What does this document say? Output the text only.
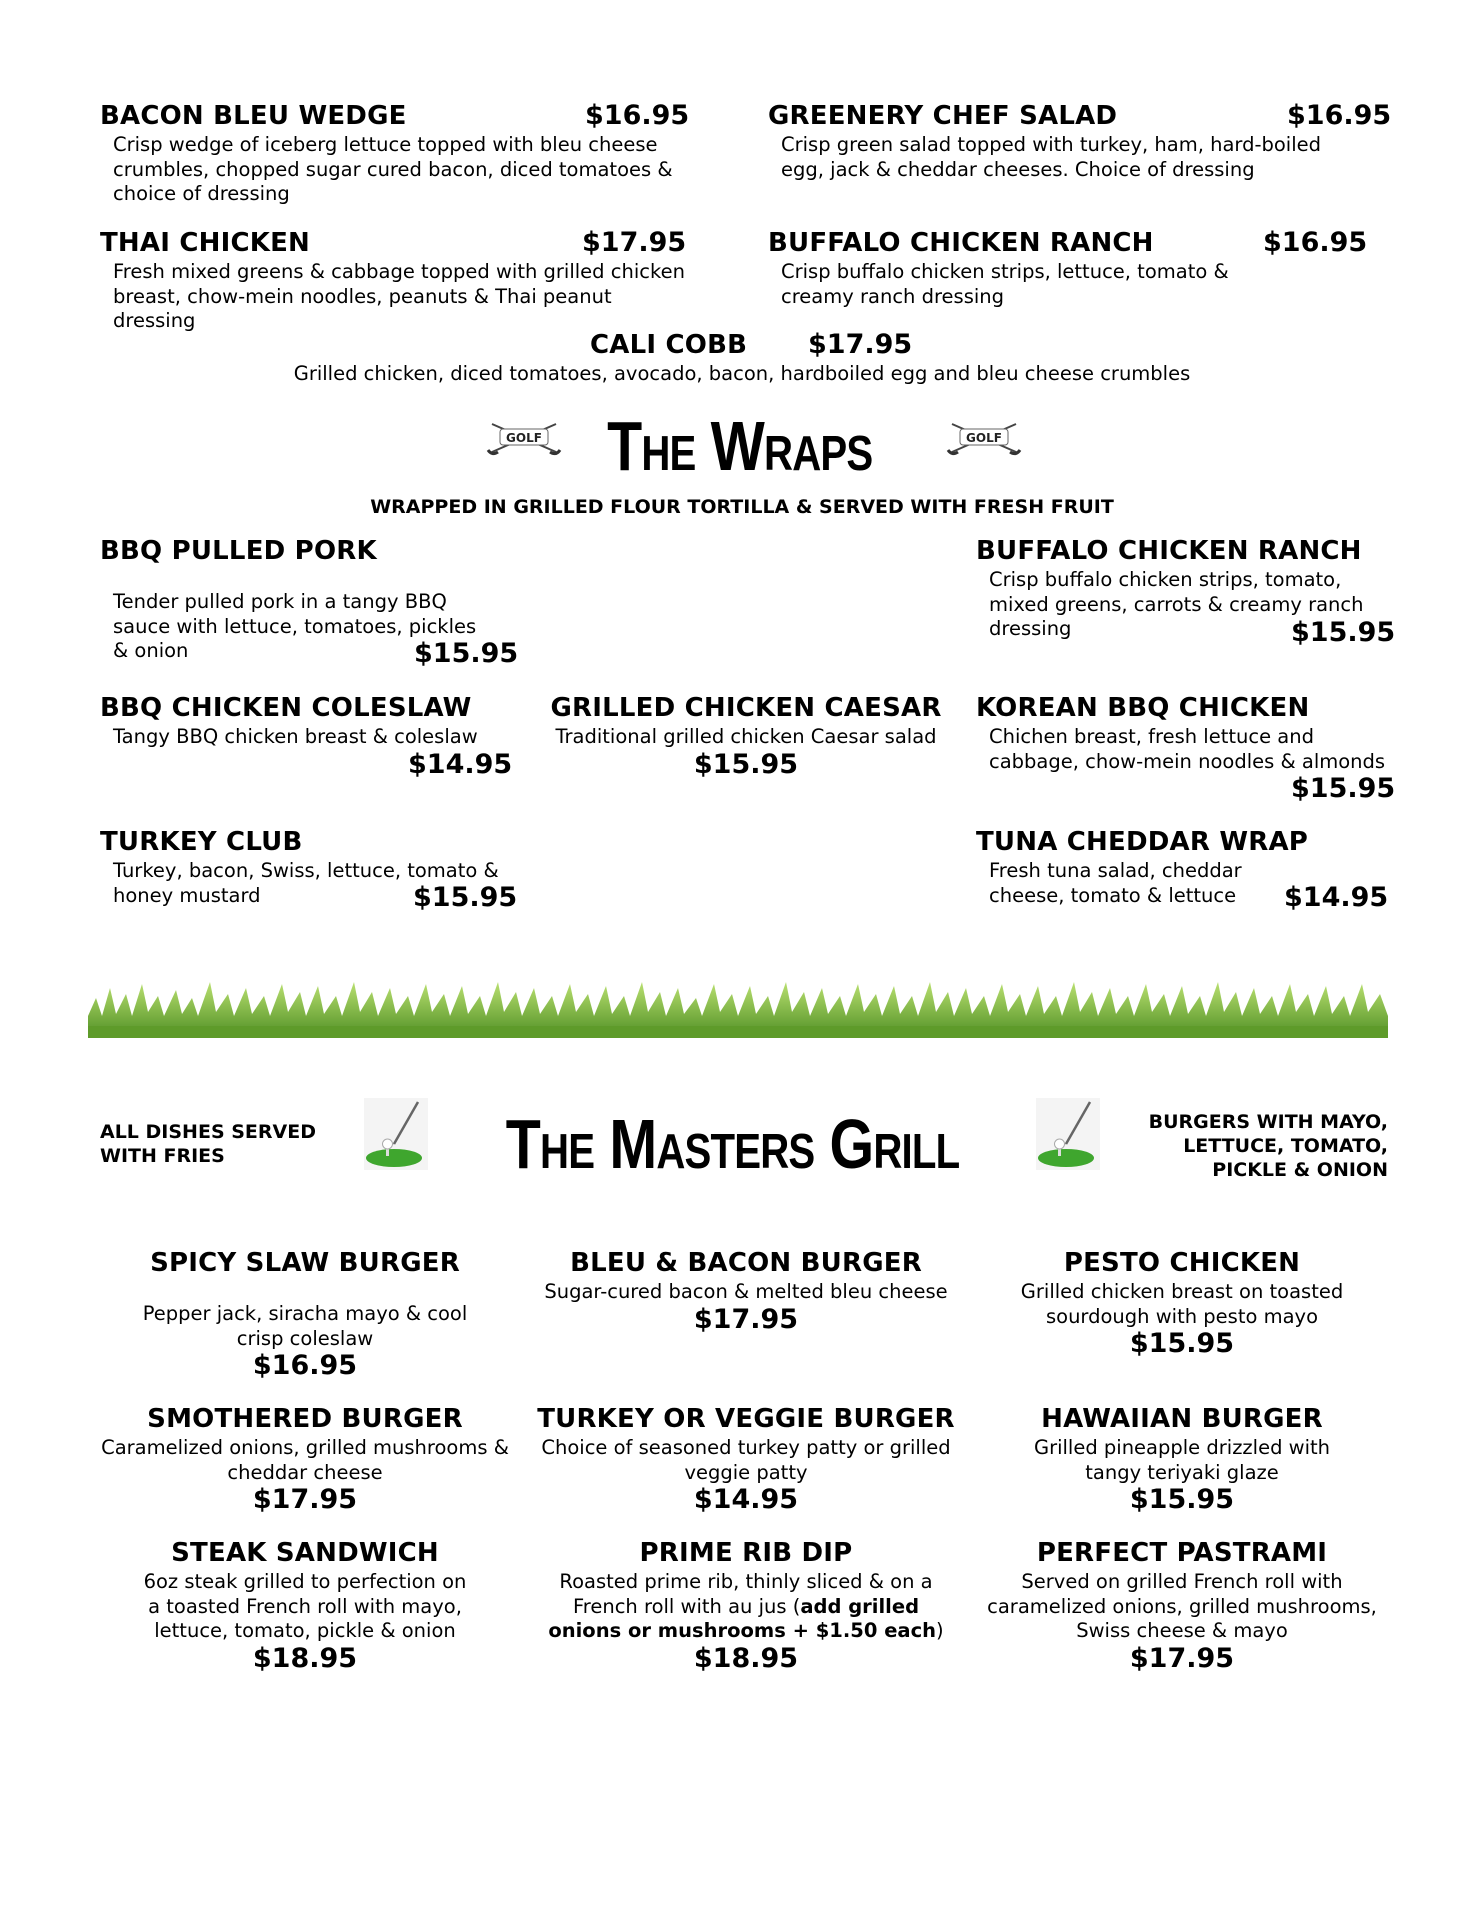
BACON BLEU WEDGE	$16.95
Crisp wedge of iceberg lettuce topped with bleu cheese crumbles, chopped sugar cured bacon, diced tomatoes & choice of dressing
GREENERY CHEF SALAD	$16.95
Crisp green salad topped with turkey, ham, hard-boiled egg, jack & cheddar cheeses. Choice of dressing
THAI CHICKEN	$17.95
Fresh mixed greens & cabbage topped with grilled chicken breast, chow-mein noodles, peanuts & Thai peanut dressing
BUFFALO CHICKEN RANCH	$16.95
Crisp buffalo chicken strips, lettuce, tomato & creamy ranch dressing
CALI COBB $17.95
Grilled chicken, diced tomatoes, avocado, bacon, hardboiled egg and bleu cheese crumbles
GOLF	GOLF
The Wraps
WRAPPED IN GRILLED FLOUR TORTILLA & SERVED WITH FRESH FRUIT
BBQ PULLED PORK
Tender pulled pork in a tangy BBQ sauce with lettuce, tomatoes, pickles & onion	$15.95
BUFFALO CHICKEN RANCH
Crisp buffalo chicken strips, tomato, mixed greens, carrots & creamy ranch dressing	$15.95
BBQ CHICKEN COLESLAW
Tangy BBQ chicken breast & coleslaw
$14.95
GRILLED CHICKEN CAESAR
Traditional grilled chicken Caesar salad
$15.95
KOREAN BBQ CHICKEN
Chichen breast, fresh lettuce and cabbage, chow-mein noodles & almonds
$15.95
TURKEY CLUB
Turkey, bacon, Swiss, lettuce, tomato & honey mustard	$15.95
TUNA CHEDDAR WRAP
Fresh tuna salad, cheddar cheese, tomato & lettuce	$14.95
ALL DISHES SERVED WITH FRIES	The Masters Grill	BURGERS WITH MAYO, LETTUCE, TOMATO, PICKLE & ONION
SPICY SLAW BURGER
Pepper jack, siracha mayo & cool crisp coleslaw
$16.95
BLEU & BACON BURGER
Sugar-cured bacon & melted bleu cheese
$17.95
PESTO CHICKEN
Grilled chicken breast on toasted sourdough with pesto mayo
$15.95
SMOTHERED BURGER
Caramelized onions, grilled mushrooms & cheddar cheese
$17.95
TURKEY OR VEGGIE BURGER
Choice of seasoned turkey patty or grilled veggie patty
$14.95
HAWAIIAN BURGER
Grilled pineapple drizzled with tangy teriyaki glaze
$15.95
STEAK SANDWICH
6oz steak grilled to perfection on a toasted French roll with mayo, lettuce, tomato, pickle & onion
$18.95
PRIME RIB DIP
Roasted prime rib, thinly sliced & on a French roll with au jus (add grilled onions or mushrooms + $1.50 each)
$18.95
PERFECT PASTRAMI
Served on grilled French roll with caramelized onions, grilled mushrooms, Swiss cheese & mayo
$17.95
